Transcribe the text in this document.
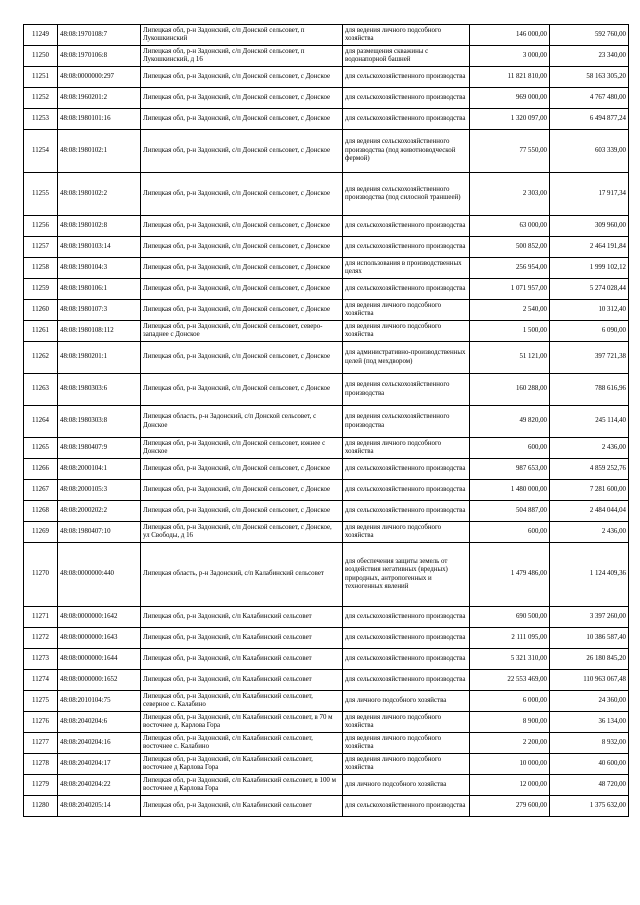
11249	48:08:1970108:7	Липецкая обл, р-н Задонский, с/п Донской сельсовет, п Лукошкинский	для ведения личного подсобного хозяйства	146 000,00	592 760,00
11250	48:08:1970106:8	Липецкая обл, р-н Задонский, с/п Донской сельсовет, п Лукошкинский, д 16	для размещения скважины с водонапорной башней	3 000,00	23 340,00
11251	48:08:0000000:297	Липецкая обл, р-н Задонский, с/п Донской сельсовет, с Донское	для сельскохозяйственного производства	11 821 810,00	58 163 305,20
11252	48:08:1960201:2	Липецкая обл, р-н Задонский, с/п Донской сельсовет, с Донское	для сельскохозяйственного производства	969 000,00	4 767 480,00
11253	48:08:1980101:16	Липецкая обл, р-н Задонский, с/п Донской сельсовет, с Донское	для сельскохозяйственного производства	1 320 097,00	6 494 877,24
11254	48:08:1980102:1	Липецкая обл, р-н Задонский, с/п Донской сельсовет, с Донское	для ведения сельскохозяйственного производства (под животноводческой фермой)	77 550,00	603 339,00
11255	48:08:1980102:2	Липецкая обл, р-н Задонский, с/п Донской сельсовет, с Донское	для ведения сельскохозяйственного производства (под силосной траншеей)	2 303,00	17 917,34
11256	48:08:1980102:8	Липецкая обл, р-н Задонский, с/п Донской сельсовет, с Донское	для сельскохозяйственного производства	63 000,00	309 960,00
11257	48:08:1980103:14	Липецкая обл, р-н Задонский, с/п Донской сельсовет, с Донское	для сельскохозяйственного производства	500 852,00	2 464 191,84
11258	48:08:1980104:3	Липецкая обл, р-н Задонский, с/п Донской сельсовет, с Донское	для использования в производственных целях	256 954,00	1 999 102,12
11259	48:08:1980106:1	Липецкая обл, р-н Задонский, с/п Донской сельсовет, с Донское	для сельскохозяйственного производства	1 071 957,00	5 274 028,44
11260	48:08:1980107:3	Липецкая обл, р-н Задонский, с/п Донской сельсовет, с Донское	для ведения личного подсобного хозяйства	2 540,00	10 312,40
11261	48:08:1980108:112	Липецкая обл, р-н Задонский, с/п Донской сельсовет, северо-западнее с Донское	для ведения личного подсобного хозяйства	1 500,00	6 090,00
11262	48:08:1980201:1	Липецкая обл, р-н Задонский, с/п Донской сельсовет, с Донское	для административно-производственных целей (под мехдвором)	51 121,00	397 721,38
11263	48:08:1980303:6	Липецкая обл, р-н Задонский, с/п Донской сельсовет, с Донское	для ведения сельскохозяйственного производства	160 288,00	788 616,96
11264	48:08:1980303:8	Липецкая область, р-н Задонский, с/п Донской сельсовет, с Донское	для ведения сельскохозяйственного производства	49 820,00	245 114,40
11265	48:08:1980407:9	Липецкая обл, р-н Задонский, с/п Донской сельсовет, южнее с Донское	для ведения личного подсобного хозяйства	600,00	2 436,00
11266	48:08:2000104:1	Липецкая обл, р-н Задонский, с/п Донской сельсовет, с Донское	для сельскохозяйственного производства	987 653,00	4 859 252,76
11267	48:08:2000105:3	Липецкая обл, р-н Задонский, с/п Донской сельсовет, с Донское	для сельскохозяйственного производства	1 480 000,00	7 281 600,00
11268	48:08:2000202:2	Липецкая обл, р-н Задонский, с/п Донской сельсовет, с Донское	для сельскохозяйственного производства	504 887,00	2 484 044,04
11269	48:08:1980407:10	Липецкая обл, р-н Задонский, с/п Донской сельсовет, с Донское, ул Свободы, д 16	для ведения личного подсобного хозяйства	600,00	2 436,00
11270	48:08:0000000:440	Липецкая область, р-н Задонский, с/п Калабинский сельсовет	для обеспечения защиты земель от воздействия негативных (вредных) природных, антропогенных и техногенных явлений	1 479 486,00	1 124 409,36
11271	48:08:0000000:1642	Липецкая обл, р-н Задонский, с/п Калабинский сельсовет	для сельскохозяйственного производства	690 500,00	3 397 260,00
11272	48:08:0000000:1643	Липецкая обл, р-н Задонский, с/п Калабинский сельсовет	для сельскохозяйственного производства	2 111 095,00	10 386 587,40
11273	48:08:0000000:1644	Липецкая обл, р-н Задонский, с/п Калабинский сельсовет	для сельскохозяйственного производства	5 321 310,00	26 180 845,20
11274	48:08:0000000:1652	Липецкая обл, р-н Задонский, с/п Калабинский сельсовет	для сельскохозяйственного производства	22 553 469,00	110 963 067,48
11275	48:08:2010104:75	Липецкая обл, р-н Задонский, с/п Калабинский сельсовет, северное с. Калабино	для личного подсобного хозяйства	6 000,00	24 360,00
11276	48:08:2040204:6	Липецкая обл, р-н Задонский, с/п Калабинский сельсовет, в 70 м восточнее д. Карлова Гора	для ведения личного подсобного хозяйства	8 900,00	36 134,00
11277	48:08:2040204:16	Липецкая обл, р-н Задонский, с/п Калабинский сельсовет, восточнее с. Калабино	для ведения личного подсобного хозяйства	2 200,00	8 932,00
11278	48:08:2040204:17	Липецкая обл, р-н Задонский, с/п Калабинский сельсовет, восточнее д Карлова Гора	для ведения личного подсобного хозяйства	10 000,00	40 600,00
11279	48:08:2040204:22	Липецкая обл, р-н Задонский, с/п Калабинский сельсовет, в 100 м восточнее д Карлова Гора	для личного подсобного хозяйства	12 000,00	48 720,00
11280	48:08:2040205:14	Липецкая обл, р-н Задонский, с/п Калабинский сельсовет	для сельскохозяйственного производства	279 600,00	1 375 632,00
